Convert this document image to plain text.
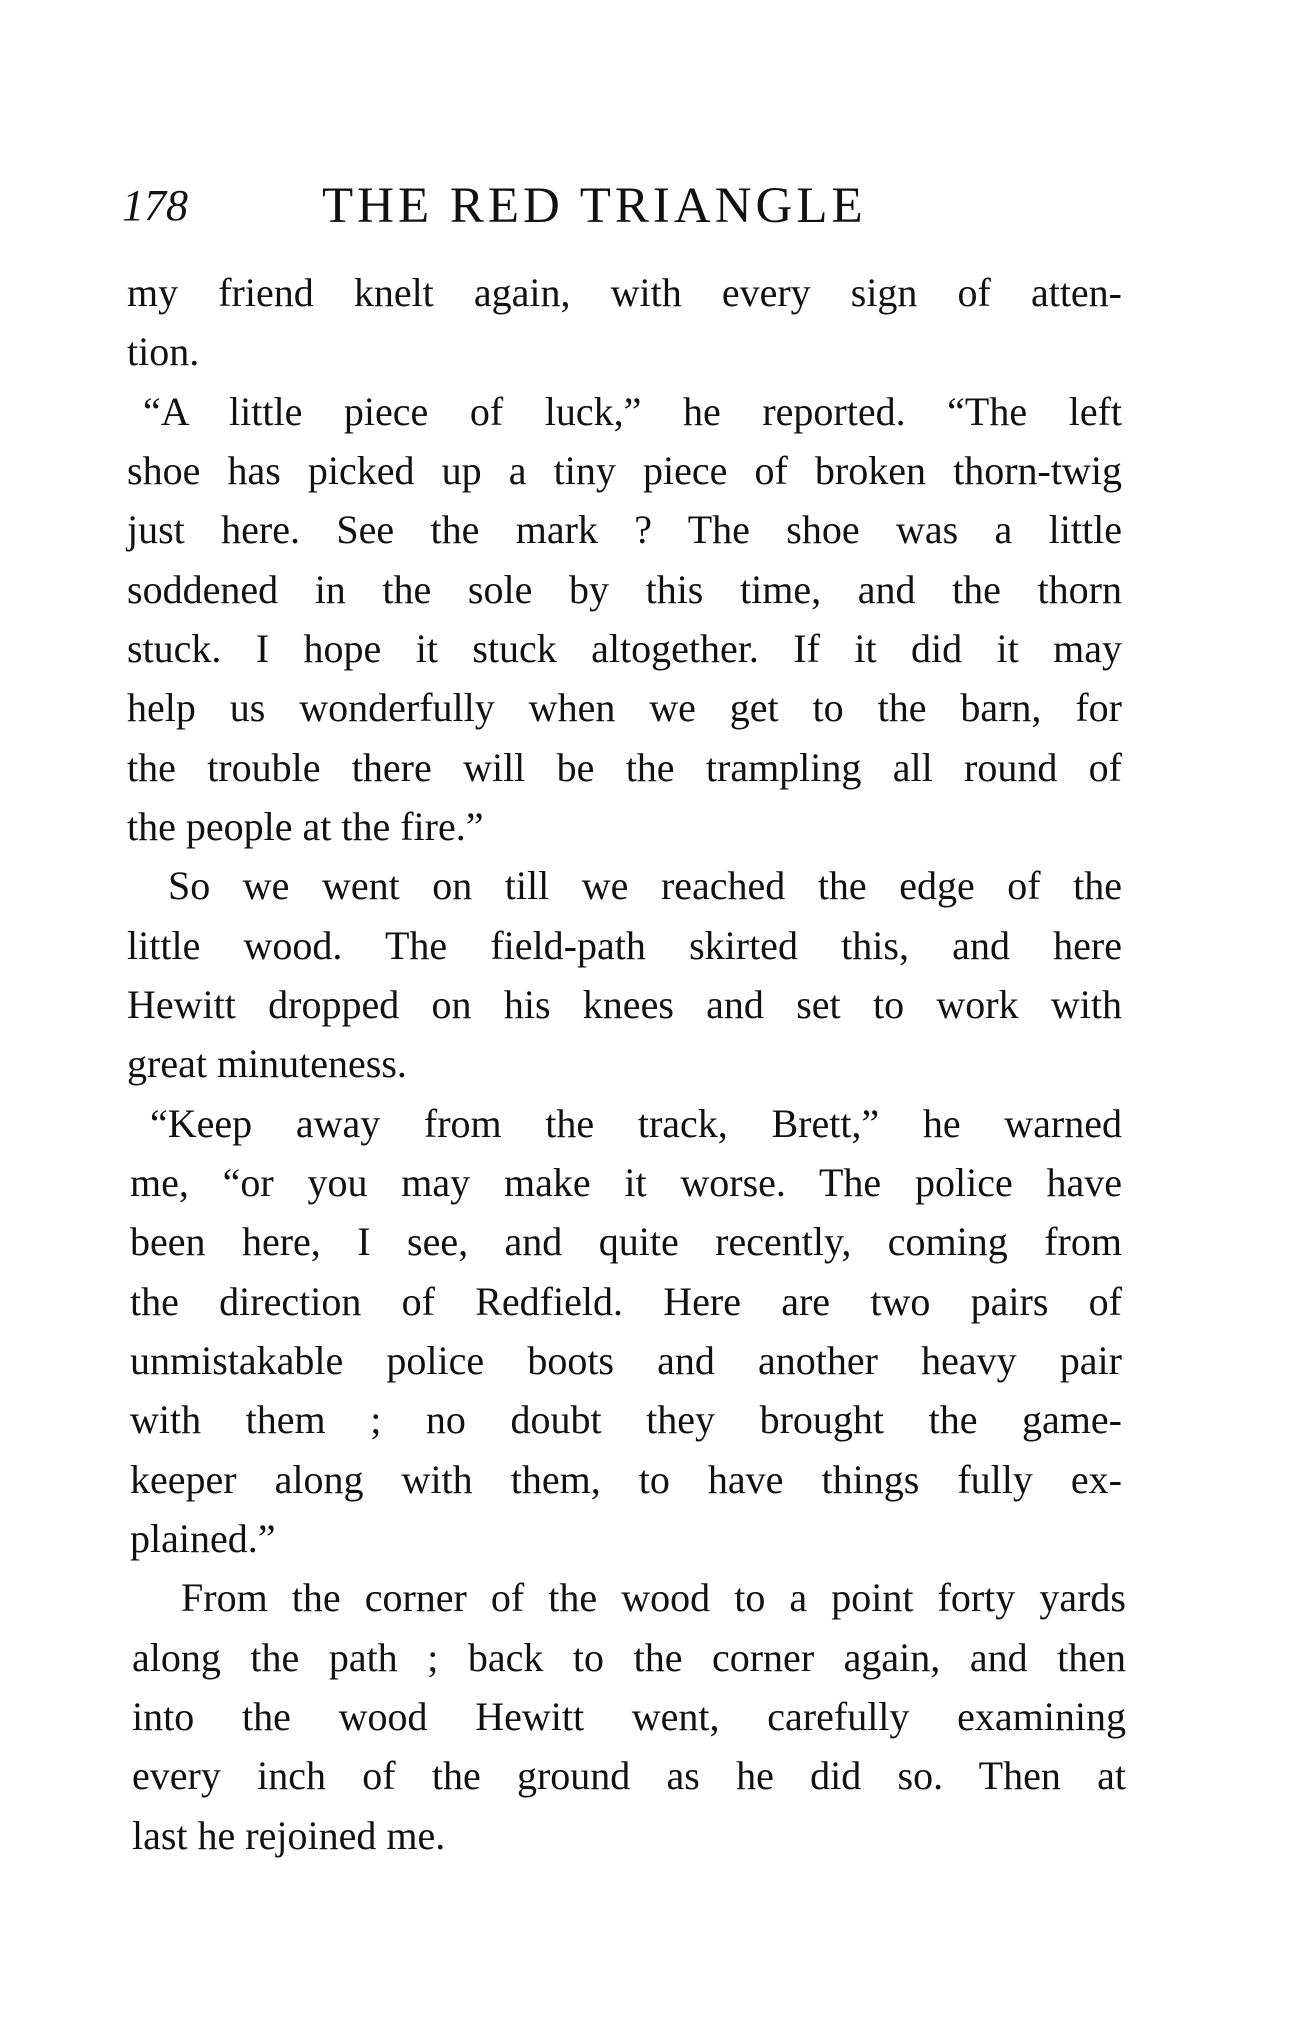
178	THE RED TRIANGLE
my friend knelt again, with every sign of atten-
tion.
“A little piece of luck,” he reported. “The left
shoe has picked up a tiny piece of broken thorn-twig
just here. See the mark ? The shoe was a little
soddened in the sole by this time, and the thorn
stuck. I hope it stuck altogether. If it did it may
help us wonderfully when we get to the barn, for
the trouble there will be the trampling all round of
the people at the fire.”
So we went on till we reached the edge of the
little wood. The field-path skirted this, and here
Hewitt dropped on his knees and set to work with
great minuteness.
“Keep away from the track, Brett,” he warned
me, “or you may make it worse. The police have
been here, I see, and quite recently, coming from
the direction of Redfield. Here are two pairs of
unmistakable police boots and another heavy pair
with them ; no doubt they brought the game-
keeper along with them, to have things fully ex-
plained.”
From the corner of the wood to a point forty yards
along the path ; back to the corner again, and then
into the wood Hewitt went, carefully examining
every inch of the ground as he did so. Then at
last he rejoined me.
